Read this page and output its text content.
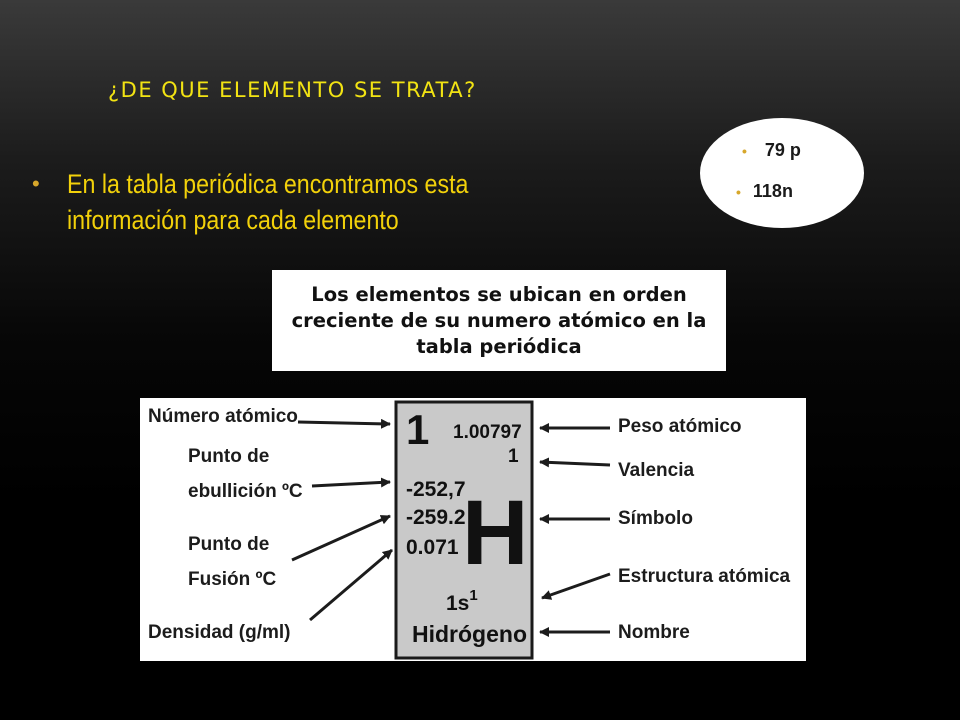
¿DE QUE ELEMENTO SE TRATA?
•	En la tabla periódica encontramos esta información para cada elemento
• 79 p
• 118n
Los elementos se ubican en orden creciente de su numero atómico en la tabla periódica
1 1.00797
1
-252,7
-259.2
0.071 H
$1s^1$
Hidrógeno
Número atómico
Punto de
ebullición ºC
Punto de
Fusión ºC
Densidad (g/ml)
Peso atómico
Valencia
Símbolo
Estructura atómica
Nombre
